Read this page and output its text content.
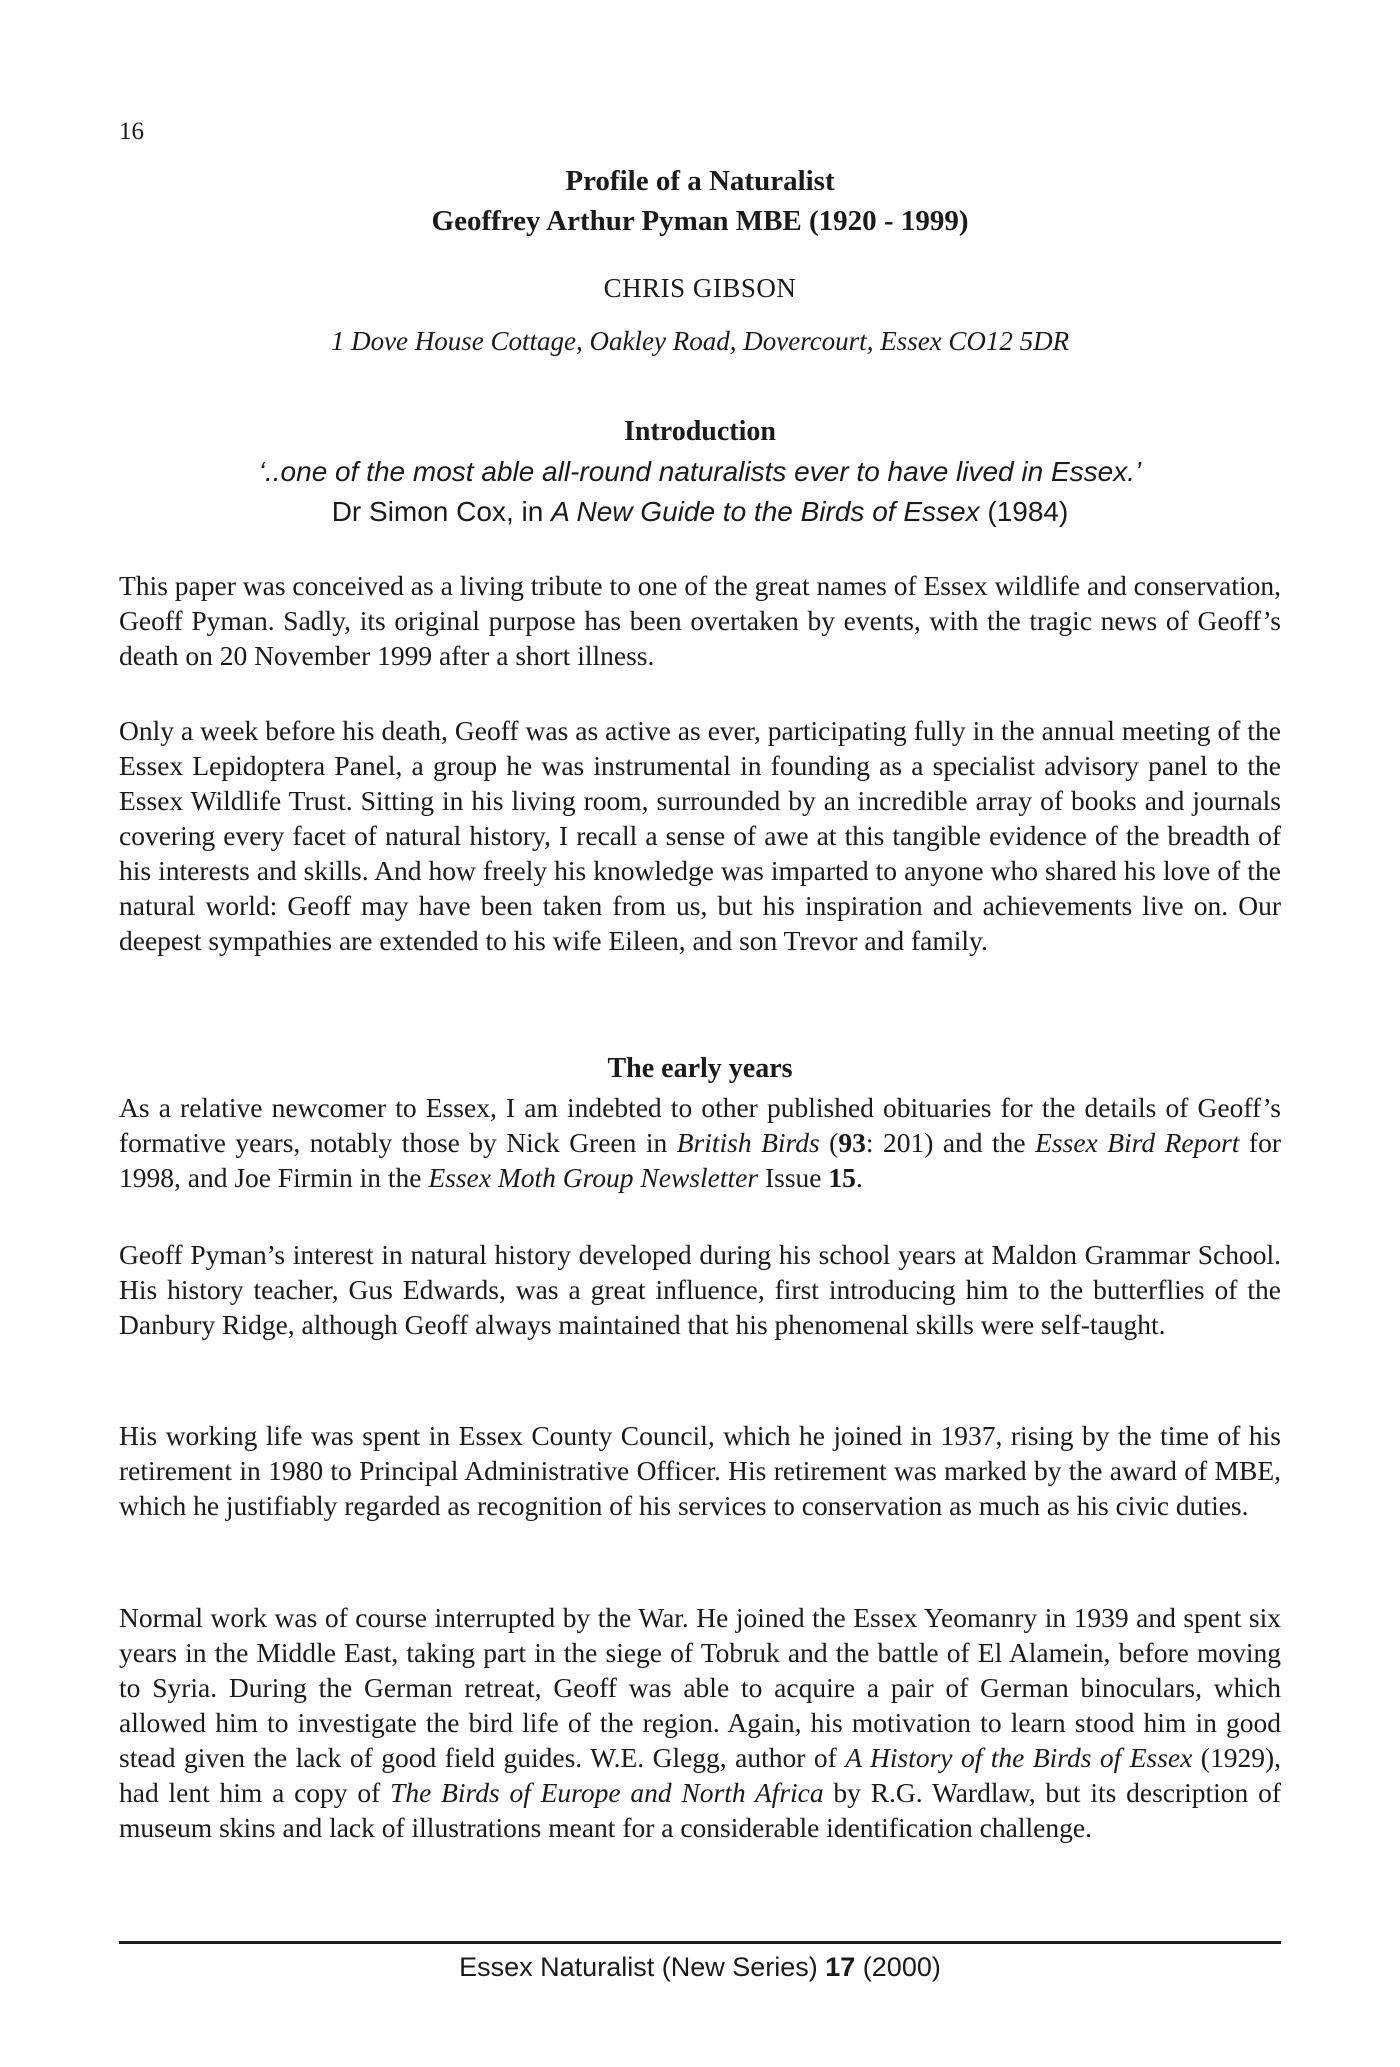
16
Profile of a Naturalist
Geoffrey Arthur Pyman MBE (1920 - 1999)
CHRIS GIBSON
1 Dove House Cottage, Oakley Road, Dovercourt, Essex CO12 5DR
Introduction
‘..one of the most able all-round naturalists ever to have lived in Essex.’
Dr Simon Cox, in A New Guide to the Birds of Essex (1984)

This paper was conceived as a living tribute to one of the great names of Essex wildlife and conservation, Geoff Pyman. Sadly, its original purpose has been overtaken by events, with the tragic news of Geoff’s death on 20 November 1999 after a short illness.

Only a week before his death, Geoff was as active as ever, participating fully in the annual meeting of the Essex Lepidoptera Panel, a group he was instrumental in founding as a specialist advisory panel to the Essex Wildlife Trust. Sitting in his living room, surrounded by an incredible array of books and journals covering every facet of natural history, I recall a sense of awe at this tangible evidence of the breadth of his interests and skills. And how freely his knowledge was imparted to anyone who shared his love of the natural world: Geoff may have been taken from us, but his inspiration and achievements live on. Our deepest sympathies are extended to his wife Eileen, and son Trevor and family.

The early years

As a relative newcomer to Essex, I am indebted to other published obituaries for the details of Geoff’s formative years, notably those by Nick Green in British Birds (93: 201) and the Essex Bird Report for 1998, and Joe Firmin in the Essex Moth Group Newsletter Issue 15.

Geoff Pyman’s interest in natural history developed during his school years at Maldon Grammar School. His history teacher, Gus Edwards, was a great influence, first introducing him to the butterflies of the Danbury Ridge, although Geoff always maintained that his phenomenal skills were self-taught.

His working life was spent in Essex County Council, which he joined in 1937, rising by the time of his retirement in 1980 to Principal Administrative Officer. His retirement was marked by the award of MBE, which he justifiably regarded as recognition of his services to conservation as much as his civic duties.

Normal work was of course interrupted by the War. He joined the Essex Yeomanry in 1939 and spent six years in the Middle East, taking part in the siege of Tobruk and the battle of El Alamein, before moving to Syria. During the German retreat, Geoff was able to acquire a pair of German binoculars, which allowed him to investigate the bird life of the region. Again, his motivation to learn stood him in good stead given the lack of good field guides. W.E. Glegg, author of A History of the Birds of Essex (1929), had lent him a copy of The Birds of Europe and North Africa by R.G. Wardlaw, but its description of museum skins and lack of illustrations meant for a considerable identification challenge.

Essex Naturalist (New Series) 17 (2000)
